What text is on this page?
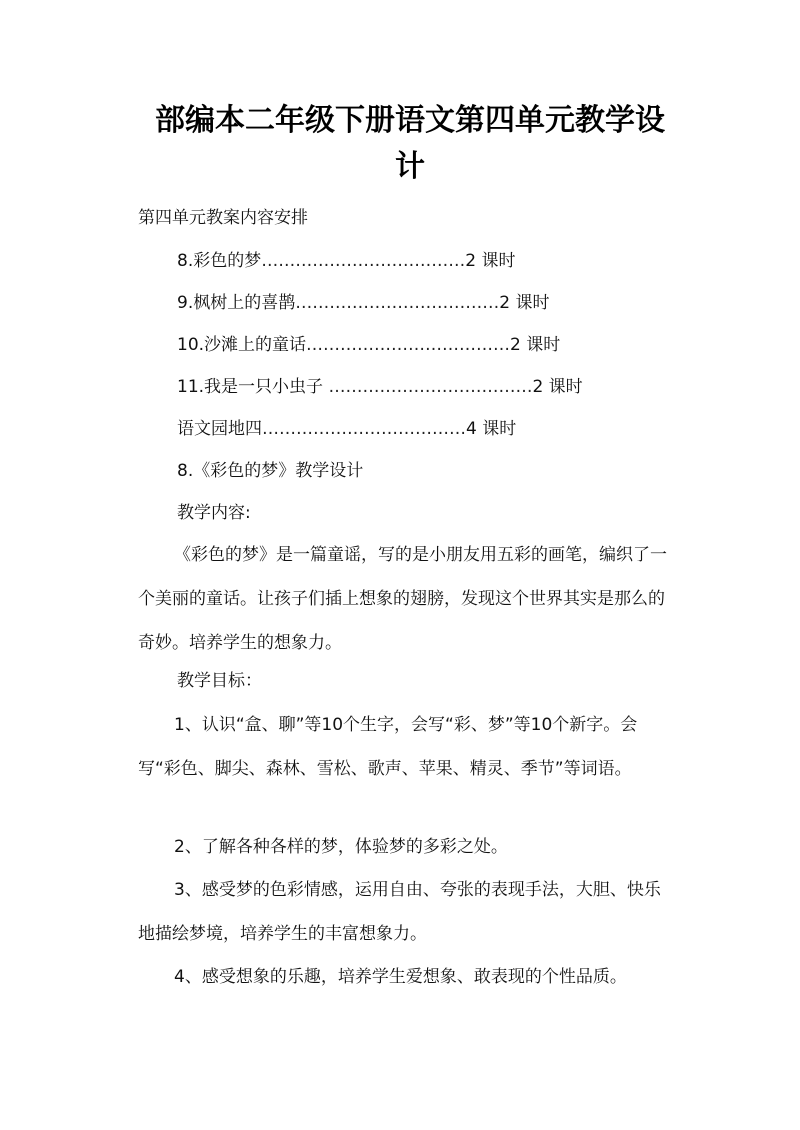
部编本二年级下册语文第四单元教学设计
第四单元教案内容安排
8.彩色的梦………………………………2 课时
9.枫树上的喜鹊………………………………2 课时
10.沙滩上的童话………………………………2 课时
11.我是一只小虫子 ………………………………2 课时
语文园地四………………………………4 课时
8.《彩色的梦》教学设计
教学内容:
《彩色的梦》是一篇童谣，写的是小朋友用五彩的画笔，编织了一个美丽的童话。让孩子们插上想象的翅膀，发现这个世界其实是那么的奇妙。培养学生的想象力。
教学目标：
1、认识“盒、聊”等10个生字，会写“彩、梦”等10个新字。会写“彩色、脚尖、森林、雪松、歌声、苹果、精灵、季节”等词语。
2、了解各种各样的梦，体验梦的多彩之处。
3、感受梦的色彩情感，运用自由、夸张的表现手法，大胆、快乐地描绘梦境，培养学生的丰富想象力。
4、感受想象的乐趣，培养学生爱想象、敢表现的个性品质。
